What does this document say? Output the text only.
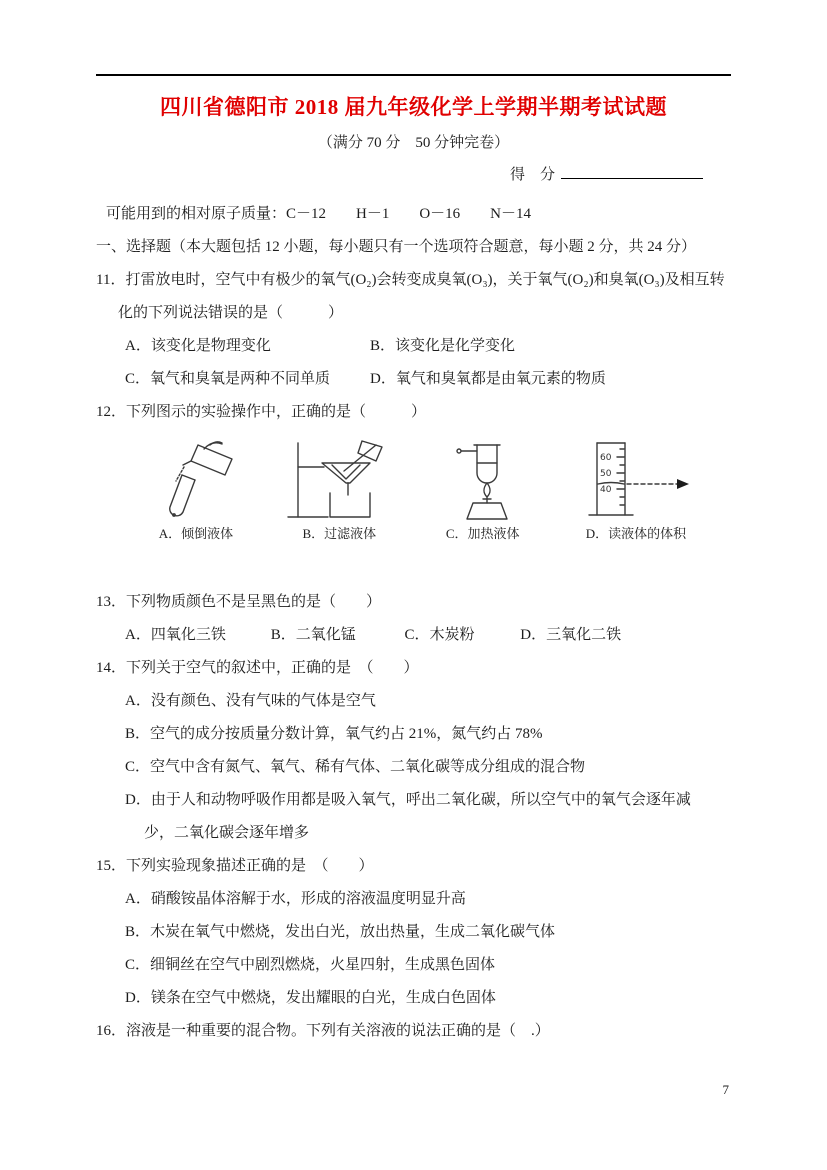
四川省德阳市 2018 届九年级化学上学期半期考试试题
（满分 70 分　50 分钟完卷）
得　分
可能用到的相对原子质量：C－12　　H－1　　O－16　　N－14
一、选择题（本大题包括 12 小题，每小题只有一个选项符合题意，每小题 2 分，共 24 分）
11．打雷放电时，空气中有极少的氧气(O₂)会转变成臭氧(O₃)，关于氧气(O₂)和臭氧(O₃)及相互转
化的下列说法错误的是（　　　）
A．该变化是物理变化	B．该变化是化学变化
C．氧气和臭氧是两种不同单质	D．氧气和臭氧都是由氧元素的物质
12．下列图示的实验操作中，正确的是（　　　）
A．倾倒液体	B．过滤液体	C．加热液体
60
50
40
D．读液体的体积
13．下列物质颜色不是呈黑色的是（　　）
A．四氧化三铁	B．二氧化锰	C．木炭粉	D．三氧化二铁
14．下列关于空气的叙述中，正确的是　（　　）
A．没有颜色、没有气味的气体是空气
B．空气的成分按质量分数计算，氧气约占 21%，氮气约占 78%
C．空气中含有氮气、氧气、稀有气体、二氧化碳等成分组成的混合物
D．由于人和动物呼吸作用都是吸入氧气，呼出二氧化碳，所以空气中的氧气会逐年减少，二氧化碳会逐年增多
15．下列实验现象描述正确的是　（　　）
A．硝酸铵晶体溶解于水，形成的溶液温度明显升高
B．木炭在氧气中燃烧，发出白光，放出热量，生成二氧化碳气体
C．细铜丝在空气中剧烈燃烧，火星四射，生成黑色固体
D．镁条在空气中燃烧，发出耀眼的白光，生成白色固体
16．溶液是一种重要的混合物。下列有关溶液的说法正确的是（　.）
7
